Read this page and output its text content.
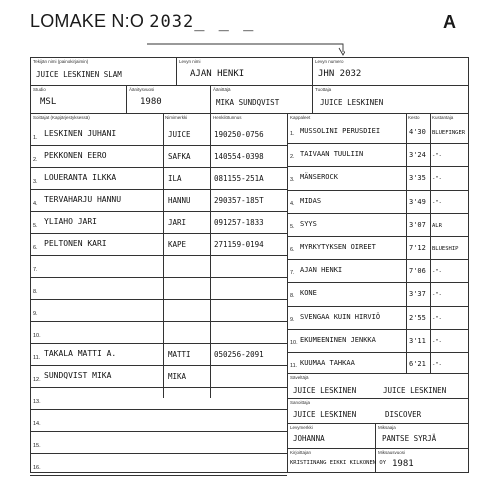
LOMAKE N:O 2032_ _ _	A
Tekijän nimi (painokirjaimin)
JUICE LESKINEN SLAM
Levyn nimi
AJAN HENKI
Levyn numero
JHN 2032
Studio
MSL
Äänitysvuosi
1980
Äänittäjä
MIKA SUNDQVIST
Tuottaja
JUICE LESKINEN
Soittajat (Kapjärjestyksessä)	Nimimerkki	Henkilötunnus	Kappaleet	Kesto	Kustantaja
1. LESKINEN JUHANI	JUICE	190250-0756
2. PEKKONEN EERO	SAFKA	140554-0398
3. LOUERANTA ILKKA	ILA	081155-251A
4. TERVAHARJU HANNU	HANNU	290357-185T
5. YLIAHO JARI	JARI	091257-1833
6. PELTONEN KARI	KAPE	271159-0194
7.
8.
9.
10.
11. TAKALA MATTI A.	MATTI	050256-2091
12. SUNDQVIST MIKA	MIKA
13.
14.
15.
16.
1. MUSSOLINI PERUSDIEI	4'30 BLUEFINGER
2. TAIVAAN TUULIIN	3'24 -"-
3. MÄNSEROCK	3'35 -"-
4. MIDAS	3'49 -"-
5. SYYS	3'07 ALR
6. MYRKYTYKSEN OIREET	7'12 BLUESHIP
7. AJAN HENKI	7'06 -"-
8. KONE	3'37 -"-
9. SVENGAA KUIN HIRVIÖ	2'55 -"-
10. EKUMEENINEN JENKKA	3'11 -"-
11. KUUMAA TAHKAA	6'21 -"-
Säveltäjä
JUICE LESKINEN	JUICE LESKINEN
Sanoittaja
JUICE LESKINEN	DISCOVER
Levymerkki
JOHANNA
Miksaaja
PANTSE SYRJÄ
Kirjoittajan
KRISTIINANG EIKKI KILKONEN OY
Miksausvuosi
1981
